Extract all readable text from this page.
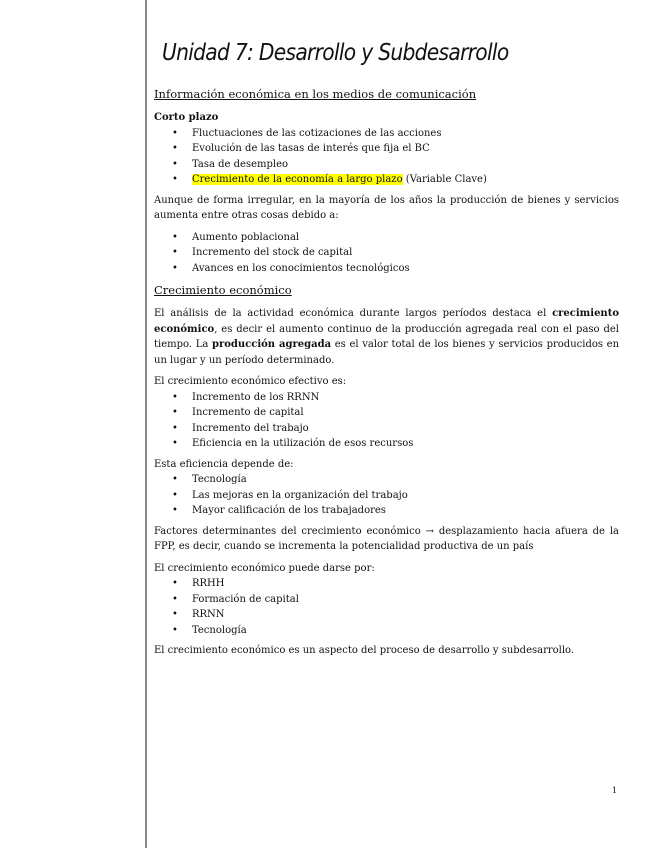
Unidad 7: Desarrollo y Subdesarrollo
Información económica en los medios de comunicación

Corto plazo

• Fluctuaciones de las cotizaciones de las acciones
• Evolución de las tasas de interés que fija el BC
• Tasa de desempleo
• Crecimiento de la economía a largo plazo (Variable Clave)

Aunque de forma irregular, en la mayoría de los años la producción de bienes y servicios aumenta entre otras cosas debido a:

• Aumento poblacional
• Incremento del stock de capital
• Avances en los conocimientos tecnológicos
Crecimiento económico

El análisis de la actividad económica durante largos períodos destaca el crecimiento económico, es decir el aumento continuo de la producción agregada real con el paso del tiempo. La producción agregada es el valor total de los bienes y servicios producidos en un lugar y un período determinado.

El crecimiento económico efectivo es:

• Incremento de los RRNN
• Incremento de capital
• Incremento del trabajo
• Eficiencia en la utilización de esos recursos

Esta eficiencia depende de:

• Tecnología
• Las mejoras en la organización del trabajo
• Mayor calificación de los trabajadores

Factores determinantes del crecimiento económico → desplazamiento hacia afuera de la FPP, es decir, cuando se incrementa la potencialidad productiva de un país

El crecimiento económico puede darse por:

• RRHH
• Formación de capital
• RRNN
• Tecnología

El crecimiento económico es un aspecto del proceso de desarrollo y subdesarrollo.

1
